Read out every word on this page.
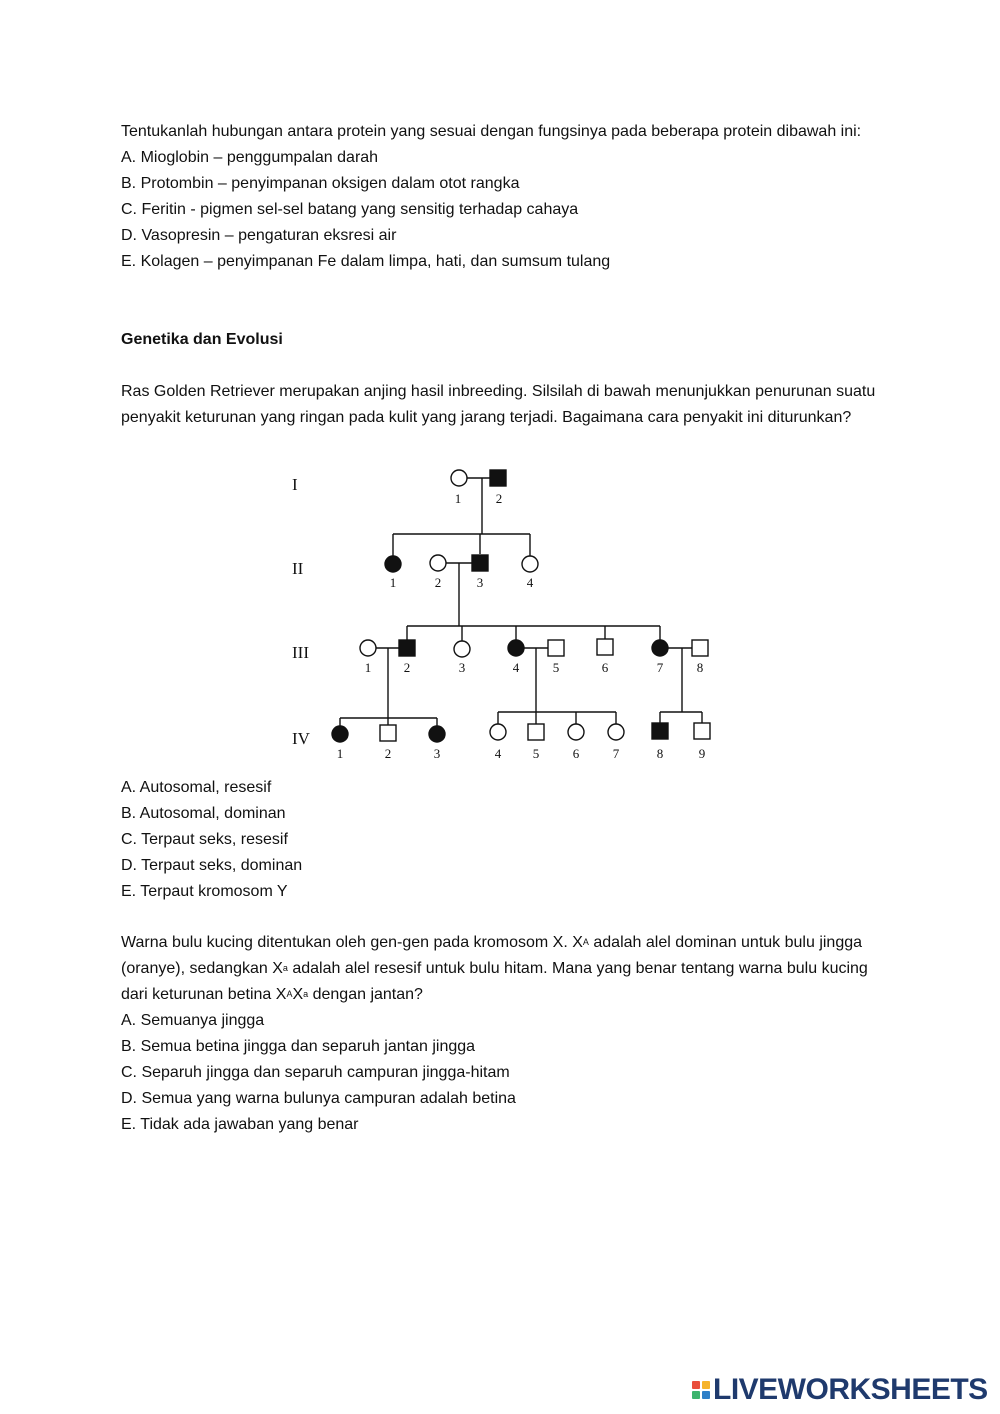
Tentukanlah hubungan antara protein yang sesuai dengan fungsinya pada beberapa protein dibawah ini:

A. Mioglobin – penggumpalan darah

B. Protombin – penyimpanan oksigen dalam otot rangka

C. Feritin - pigmen sel-sel batang yang sensitig terhadap cahaya

D. Vasopresin – pengaturan eksresi air

E. Kolagen – penyimpanan Fe dalam limpa, hati, dan sumsum tulang

Genetika dan Evolusi

Ras Golden Retriever merupakan anjing hasil inbreeding. Silsilah di bawah menunjukkan penurunan suatu penyakit keturunan yang ringan pada kulit yang jarang terjadi. Bagaimana cara penyakit ini diturunkan?

I
II
III
IV
1	2
1	2	3	4
1	2	3	4	5	6	7	8
1	2	3	4 5	6	7	8	9

A. Autosomal, resesif

B. Autosomal, dominan

C. Terpaut seks, resesif

D. Terpaut seks, dominan

E. Terpaut kromosom Y

Warna bulu kucing ditentukan oleh gen-gen pada kromosom X. $X^A$ adalah alel dominan untuk bulu jingga (oranye), sedangkan $X^a$ adalah alel resesif untuk bulu hitam. Mana yang benar tentang warna bulu kucing dari keturunan betina $X^AX^a$ dengan jantan?

A. Semuanya jingga

B. Semua betina jingga dan separuh jantan jingga

C. Separuh jingga dan separuh campuran jingga-hitam

D. Semua yang warna bulunya campuran adalah betina

E. Tidak ada jawaban yang benar

LIVEWORKSHEETS
